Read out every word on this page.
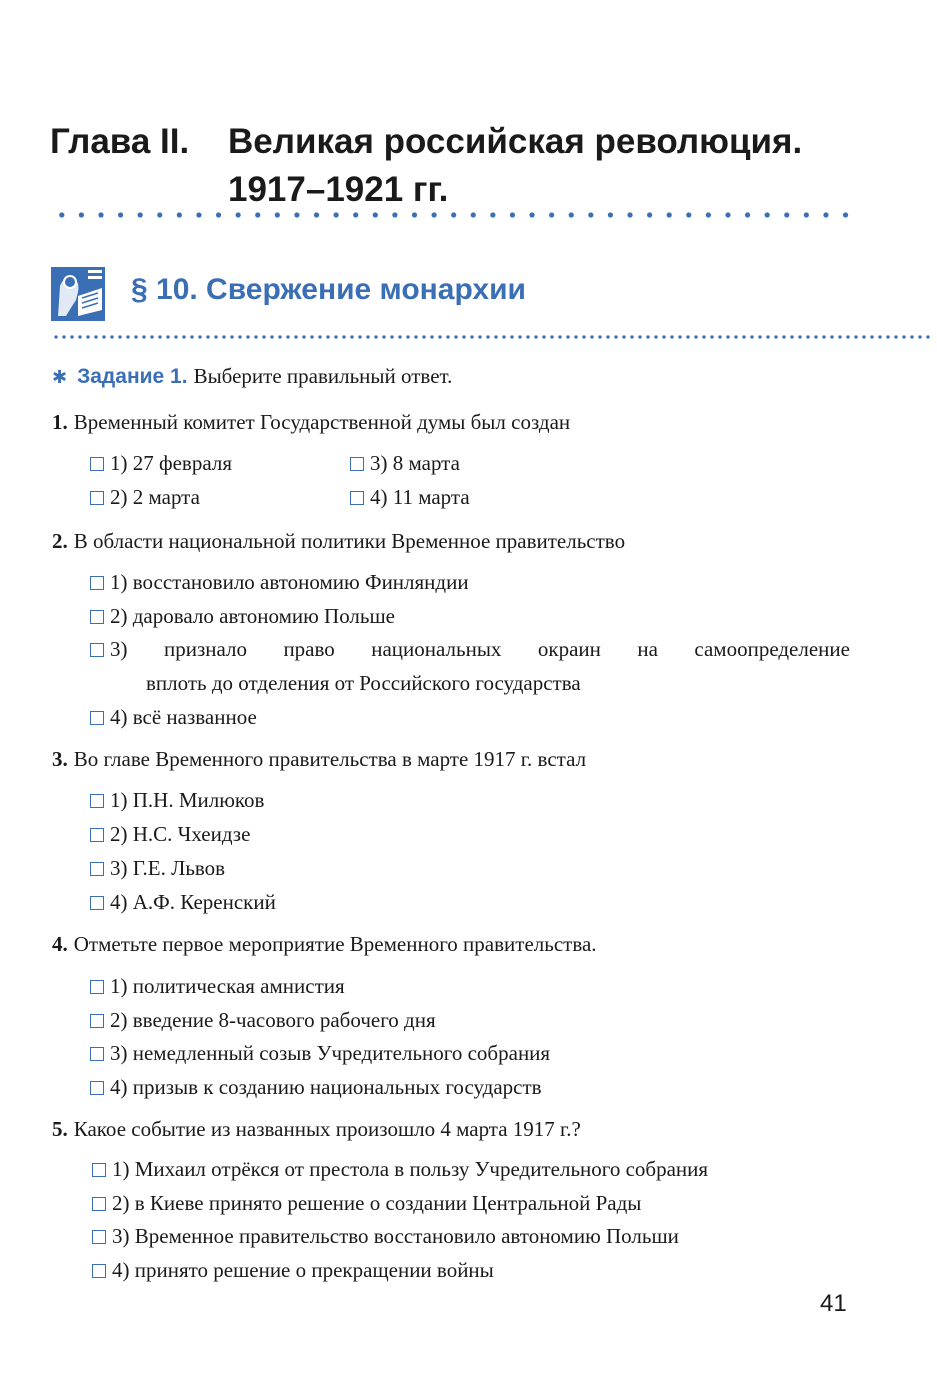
Глава II. Великая российская революция.
1917–1921 гг.
§ 10. Свержение монархии
✱ Задание 1. Выберите правильный ответ.
1. Временный комитет Государственной думы был создан
1) 27 февраля
2) 2 марта
3) 8 марта
4) 11 марта
2. В области национальной политики Временное правительство
1) восстановило автономию Финляндии
2) даровало автономию Польше
3) признало право национальных окраин на самоопределение
вплоть до отделения от Российского государства
4) всё названное
3. Во главе Временного правительства в марте 1917 г. встал
1) П.Н. Милюков
2) Н.С. Чхеидзе
3) Г.Е. Львов
4) А.Ф. Керенский
4. Отметьте первое мероприятие Временного правительства.
1) политическая амнистия
2) введение 8-часового рабочего дня
3) немедленный созыв Учредительного собрания
4) призыв к созданию национальных государств
5. Какое событие из названных произошло 4 марта 1917 г.?
1) Михаил отрёкся от престола в пользу Учредительного собрания
2) в Киеве принято решение о создании Центральной Рады
3) Временное правительство восстановило автономию Польши
4) принято решение о прекращении войны
41
